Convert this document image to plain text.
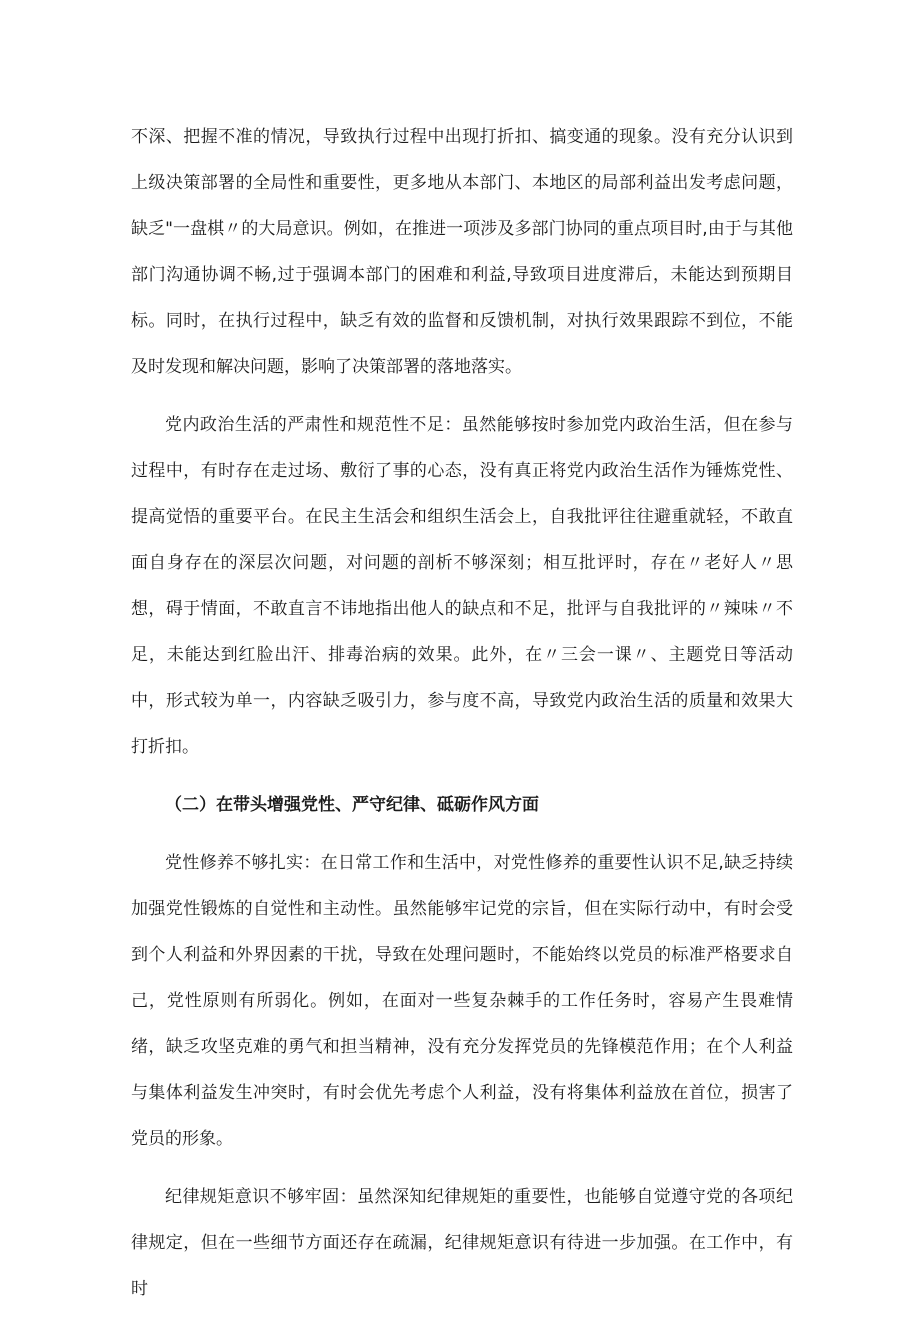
不深、把握不准的情况，导致执行过程中出现打折扣、搞变通的现象。没有充分认识到上级决策部署的全局性和重要性，更多地从本部门、本地区的局部利益出发考虑问题，缺乏"一盘棋〃的大局意识。例如，在推进一项涉及多部门协同的重点项目时,由于与其他部门沟通协调不畅,过于强调本部门的困难和利益,导致项目进度滞后，未能达到预期目标。同时，在执行过程中，缺乏有效的监督和反馈机制，对执行效果跟踪不到位，不能及时发现和解决问题，影响了决策部署的落地落实。

党内政治生活的严肃性和规范性不足：虽然能够按时参加党内政治生活，但在参与过程中，有时存在走过场、敷衍了事的心态，没有真正将党内政治生活作为锤炼党性、提高觉悟的重要平台。在民主生活会和组织生活会上，自我批评往往避重就轻，不敢直面自身存在的深层次问题，对问题的剖析不够深刻；相互批评时，存在〃老好人〃思想，碍于情面，不敢直言不讳地指出他人的缺点和不足，批评与自我批评的〃辣味〃不足，未能达到红脸出汗、排毒治病的效果。此外，在〃三会一课〃、主题党日等活动中，形式较为单一，内容缺乏吸引力，参与度不高，导致党内政治生活的质量和效果大打折扣。

（二）在带头增强党性、严守纪律、砥砺作风方面

党性修养不够扎实：在日常工作和生活中，对党性修养的重要性认识不足,缺乏持续加强党性锻炼的自觉性和主动性。虽然能够牢记党的宗旨，但在实际行动中，有时会受到个人利益和外界因素的干扰，导致在处理问题时，不能始终以党员的标准严格要求自己，党性原则有所弱化。例如，在面对一些复杂棘手的工作任务时，容易产生畏难情绪，缺乏攻坚克难的勇气和担当精神，没有充分发挥党员的先锋模范作用；在个人利益与集体利益发生冲突时，有时会优先考虑个人利益，没有将集体利益放在首位，损害了党员的形象。

纪律规矩意识不够牢固：虽然深知纪律规矩的重要性，也能够自觉遵守党的各项纪律规定，但在一些细节方面还存在疏漏，纪律规矩意识有待进一步加强。在工作中，有时
